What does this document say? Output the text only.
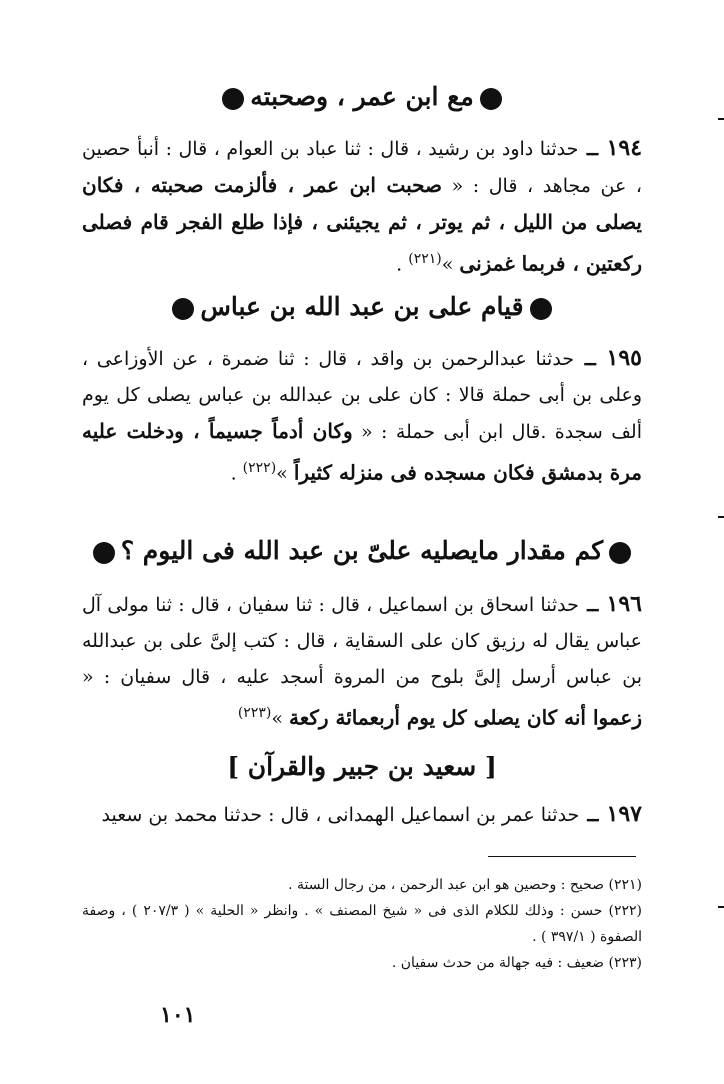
مع ابن عمر ، وصحبته
١٩٤ ــ حدثنا داود بن رشيد ، قال : ثنا عباد بن العوام ، قال : أنبأ حصين ، عن مجاهد ، قال : « صحبت ابن عمر ، فألزمت صحبته ، فكان يصلى من الليل ، ثم يوتر ، ثم يجيئنى ، فإذا طلع الفجر قام فصلى ركعتين ، فربما غمزنى »$^{(٢٢١)}$ .
قيام على بن عبد الله بن عباس
١٩٥ ــ حدثنا عبدالرحمن بن واقد ، قال : ثنا ضمرة ، عن الأوزاعى ، وعلى بن أبى حملة قالا : كان على بن عبدالله بن عباس يصلى كل يوم ألف سجدة .قال ابن أبى حملة : « وكان أدماً جسيماً ، ودخلت عليه مرة بدمشق فكان مسجده فى منزله كثيراً »$^{(٢٢٢)}$ .
كم مقدار مايصليه علىّ بن عبد الله فى اليوم ؟
١٩٦ ــ حدثنا اسحاق بن اسماعيل ، قال : ثنا سفيان ، قال : ثنا مولى آل عباس يقال له رزيق كان على السقاية ، قال : كتب إلىَّ على بن عبدالله بن عباس أرسل إلىَّ بلوح من المروة أسجد عليه ، قال سفيان : « زعموا أنه كان يصلى كل يوم أربعمائة ركعة »$^{(٢٢٣)}$
[ سعيد بن جبير والقرآن ]
١٩٧ ــ حدثنا عمر بن اسماعيل الهمدانى ، قال : حدثنا محمد بن سعيد

(٢٢١) صحيح : وحصين هو ابن عبد الرحمن ، من رجال الستة .

(٢٢٢) حسن : وذلك للكلام الذى فى « شيخ المصنف » . وانظر « الحلية » ( ٢٠٧/٣ ) ، وصفة الصفوة ( ٣٩٧/١ ) .

(٢٢٣) ضعيف : فيه جهالة من حدث سفيان .

١٠١
